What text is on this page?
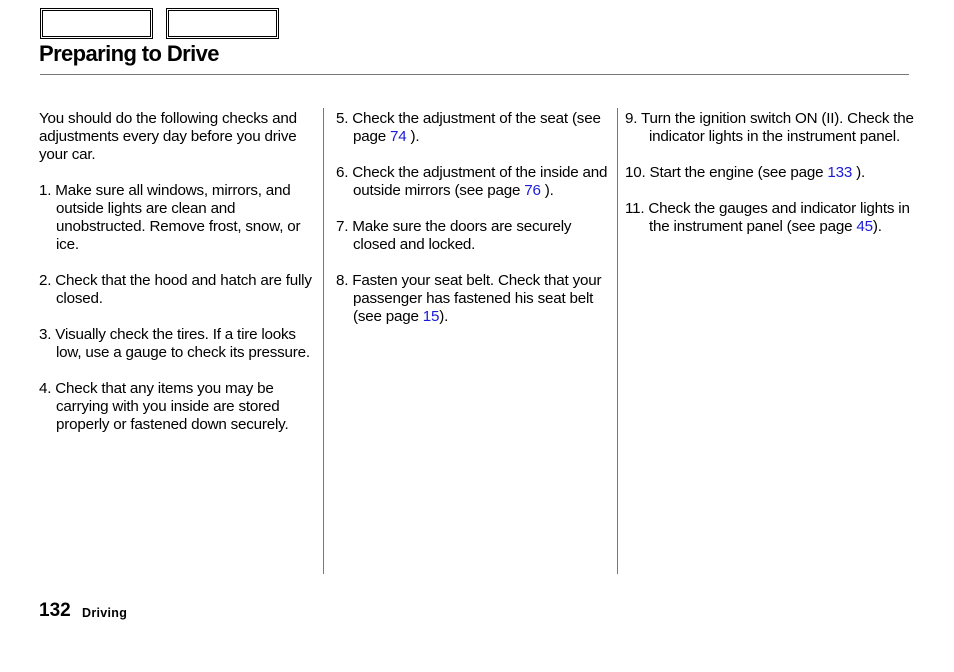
Preparing to Drive

You should do the following checks and adjustments every day before you drive your car.

1. Make sure all windows, mirrors, and outside lights are clean and unobstructed. Remove frost, snow, or ice.

2. Check that the hood and hatch are fully closed.

3. Visually check the tires. If a tire looks low, use a gauge to check its pressure.

4. Check that any items you may be carrying with you inside are stored properly or fastened down securely.

5. Check the adjustment of the seat (see page 74 ).

6. Check the adjustment of the inside and outside mirrors (see page 76 ).

7. Make sure the doors are securely closed and locked.

8. Fasten your seat belt. Check that your passenger has fastened his seat belt (see page 15).

9. Turn the ignition switch ON (II). Check the indicator lights in the instrument panel.

10. Start the engine (see page 133 ).

11. Check the gauges and indicator lights in the instrument panel (see page 45).

132 Driving
